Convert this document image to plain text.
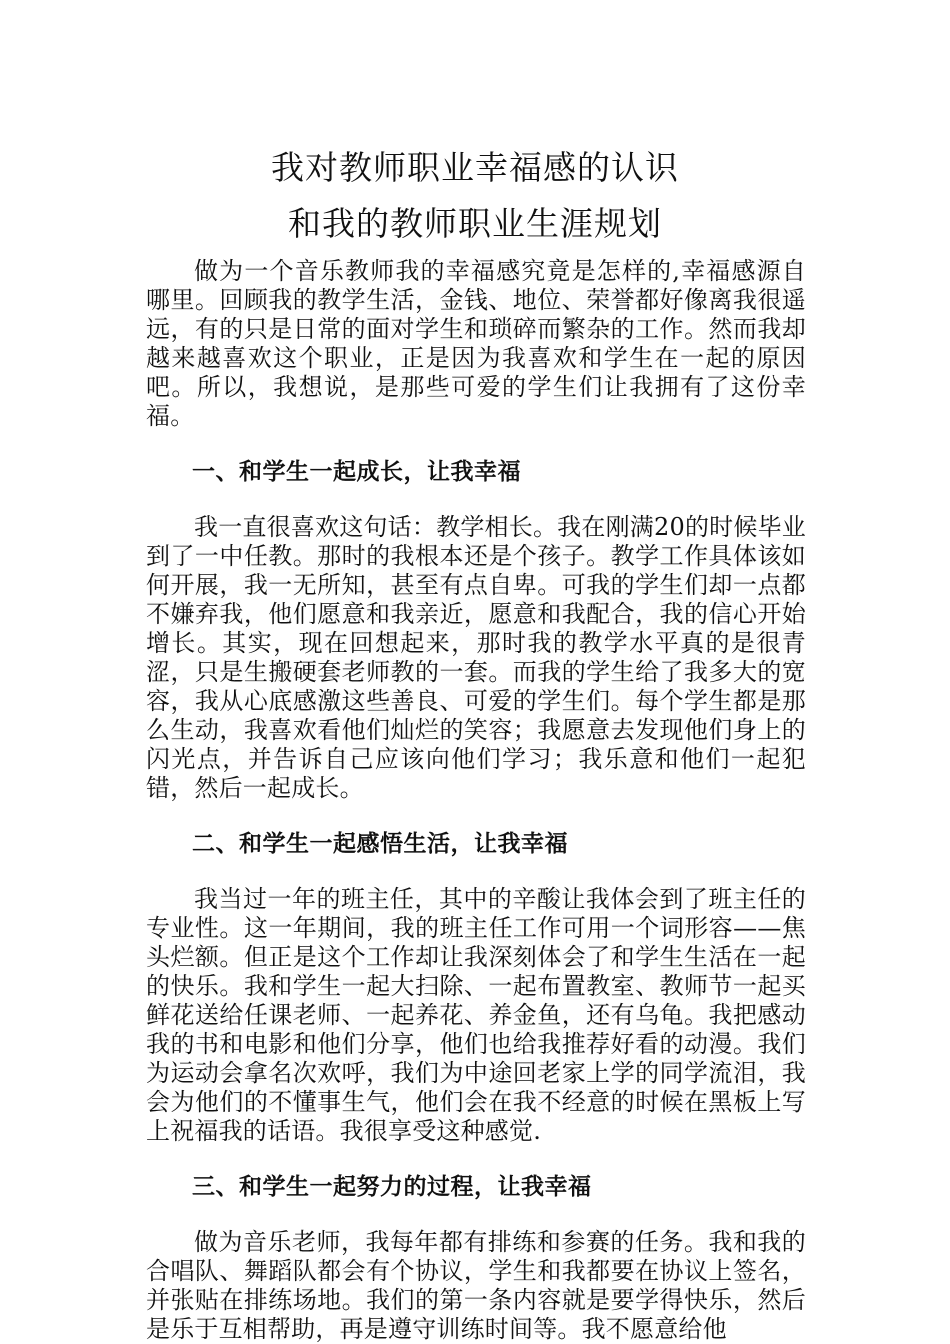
我对教师职业幸福感的认识
和我的教师职业生涯规划

做为一个音乐教师我的幸福感究竟是怎样的,幸福感源自哪里。回顾我的教学生活，金钱、地位、荣誉都好像离我很遥远，有的只是日常的面对学生和琐碎而繁杂的工作。然而我却越来越喜欢这个职业，正是因为我喜欢和学生在一起的原因吧。所以，我想说，是那些可爱的学生们让我拥有了这份幸福。

一、和学生一起成长，让我幸福

我一直很喜欢这句话：教学相长。我在刚满20的时候毕业到了一中任教。那时的我根本还是个孩子。教学工作具体该如何开展，我一无所知，甚至有点自卑。可我的学生们却一点都不嫌弃我，他们愿意和我亲近，愿意和我配合，我的信心开始增长。其实，现在回想起来，那时我的教学水平真的是很青涩，只是生搬硬套老师教的一套。而我的学生给了我多大的宽容，我从心底感激这些善良、可爱的学生们。每个学生都是那么生动，我喜欢看他们灿烂的笑容；我愿意去发现他们身上的闪光点，并告诉自己应该向他们学习；我乐意和他们一起犯错，然后一起成长。

二、和学生一起感悟生活，让我幸福

我当过一年的班主任，其中的辛酸让我体会到了班主任的专业性。这一年期间，我的班主任工作可用一个词形容——焦头烂额。但正是这个工作却让我深刻体会了和学生生活在一起的快乐。我和学生一起大扫除、一起布置教室、教师节一起买鲜花送给任课老师、一起养花、养金鱼，还有乌龟。我把感动我的书和电影和他们分享，他们也给我推荐好看的动漫。我们为运动会拿名次欢呼，我们为中途回老家上学的同学流泪，我会为他们的不懂事生气，他们会在我不经意的时候在黑板上写上祝福我的话语。我很享受这种感觉.

三、和学生一起努力的过程，让我幸福

做为音乐老师，我每年都有排练和参赛的任务。我和我的合唱队、舞蹈队都会有个协议，学生和我都要在协议上签名，并张贴在排练场地。我们的第一条内容就是要学得快乐，然后是乐于互相帮助，再是遵守训练时间等。我不愿意给他
